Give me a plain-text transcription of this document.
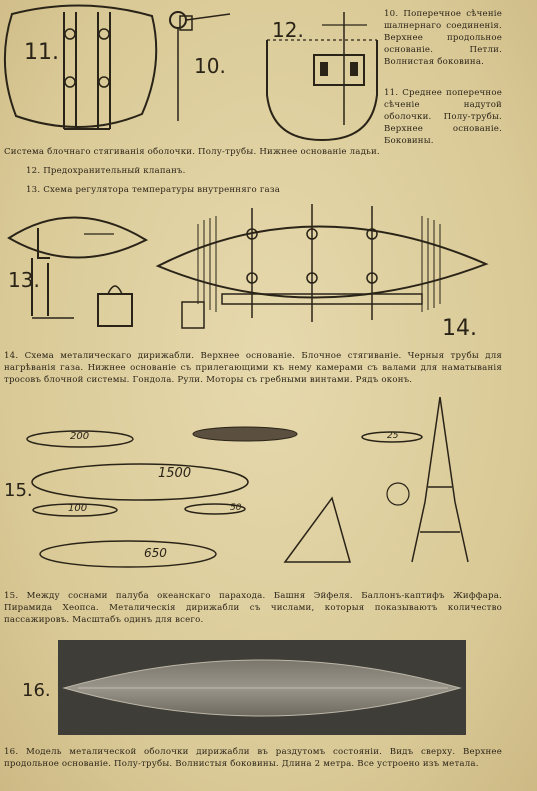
11.
10.
12.
10. Поперечное сѣченіе шалнернаго соединенія. Верхнее продольное основаніе. Петли. Волнистая боковина.
11. Среднее поперечное сѣченіе надутой оболочки. Полу-трубы. Верхнее основаніе. Боковины.
Система блочнаго стягиванія оболочки. Полу-трубы. Нижнее основаніе ладьи.
12. Предохранительный клапанъ.
13. Схема регулятора температуры внутренняго газа
13.
14.
14. Схема металическаго дирижабли. Верхнее основаніе. Блочное стягиваніе. Черныя трубы для нагрѣванія газа. Нижнее основаніе съ прилегающими къ нему камерами съ валами для наматыванія тросовъ блочной системы. Гондола. Рули. Моторы съ гребными винтами. Рядъ оконъ.
15.
200
1500
100	50
650
25
15. Между соснами палуба океанскаго парахода. Башня Эйфеля. Баллонъ-каптифъ Жиффара. Пирамида Хеопса. Металическія дирижабли съ числами, которыя показываютъ количество пассажировъ. Масштабъ одинъ для всего.
16.
16. Модель металической оболочки дирижабли въ раздутомъ состояніи. Видъ сверху. Верхнее продольное основаніе. Полу-трубы. Волнистыя боковины. Длина 2 метра. Все устроено изъ метала.
